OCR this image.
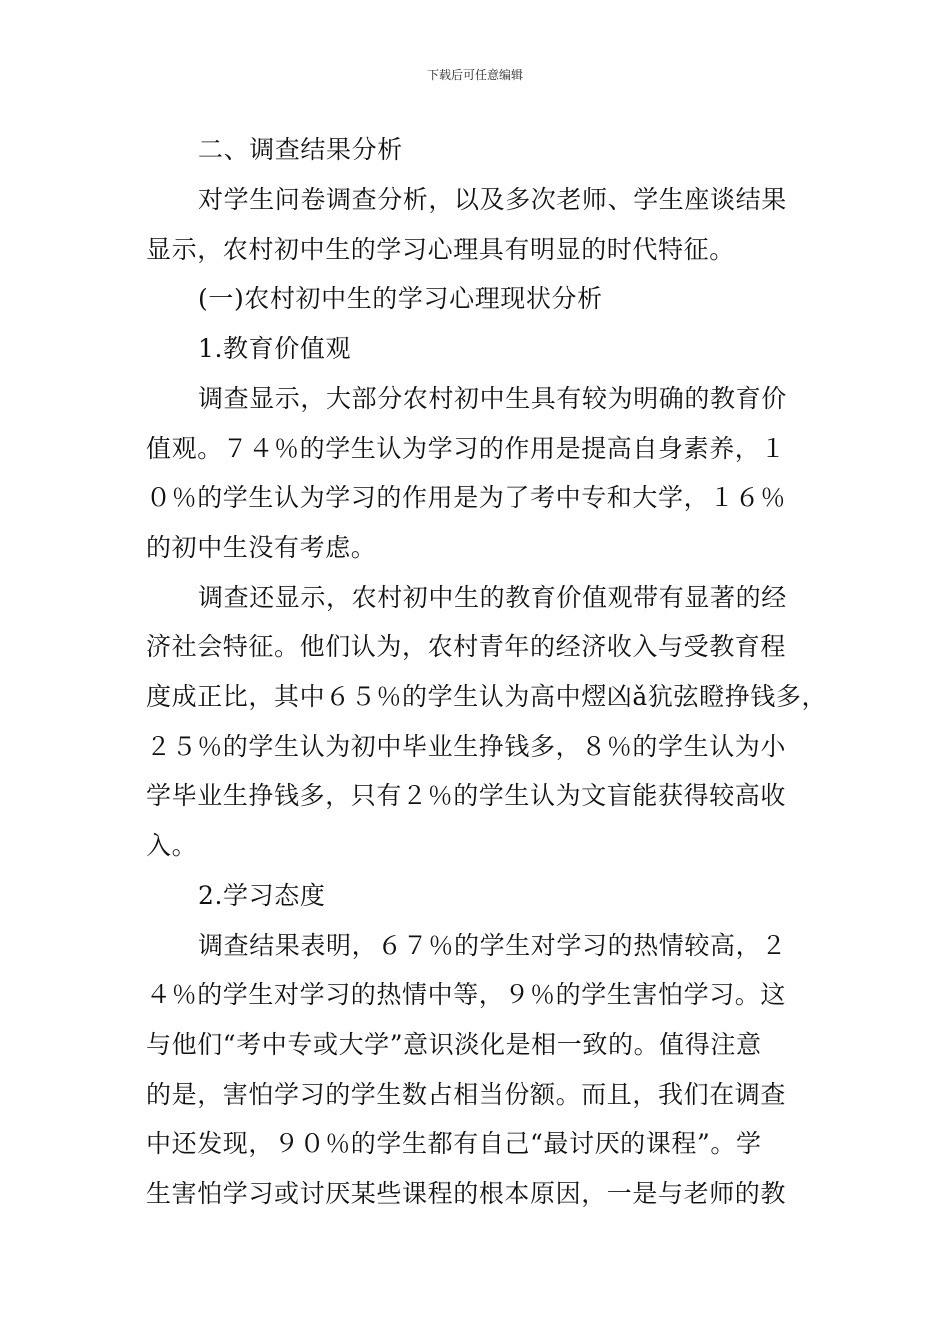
下载后可任意编辑
二、调查结果分析
对学生问卷调查分析，以及多次老师、学生座谈结果
显示，农村初中生的学习心理具有明显的时代特征。
(一)农村初中生的学习心理现状分析
1.教育价值观
调查显示，大部分农村初中生具有较为明确的教育价
值观。７４％的学生认为学习的作用是提高自身素养，１
０％的学生认为学习的作用是为了考中专和大学，１６％
的初中生没有考虑。
调查还显示，农村初中生的教育价值观带有显著的经
济社会特征。他们认为，农村青年的经济收入与受教育程
度成正比，其中６５％的学生认为高中熤凶ǎ犺弦瞪挣钱多，
２５％的学生认为初中毕业生挣钱多，８％的学生认为小
学毕业生挣钱多，只有２％的学生认为文盲能获得较高收
入。
2.学习态度
调查结果表明，６７％的学生对学习的热情较高，２
４％的学生对学习的热情中等，９％的学生害怕学习。这
与他们“考中专或大学”意识淡化是相一致的。值得注意
的是，害怕学习的学生数占相当份额。而且，我们在调查
中还发现，９０％的学生都有自己“最讨厌的课程”。学
生害怕学习或讨厌某些课程的根本原因，一是与老师的教
